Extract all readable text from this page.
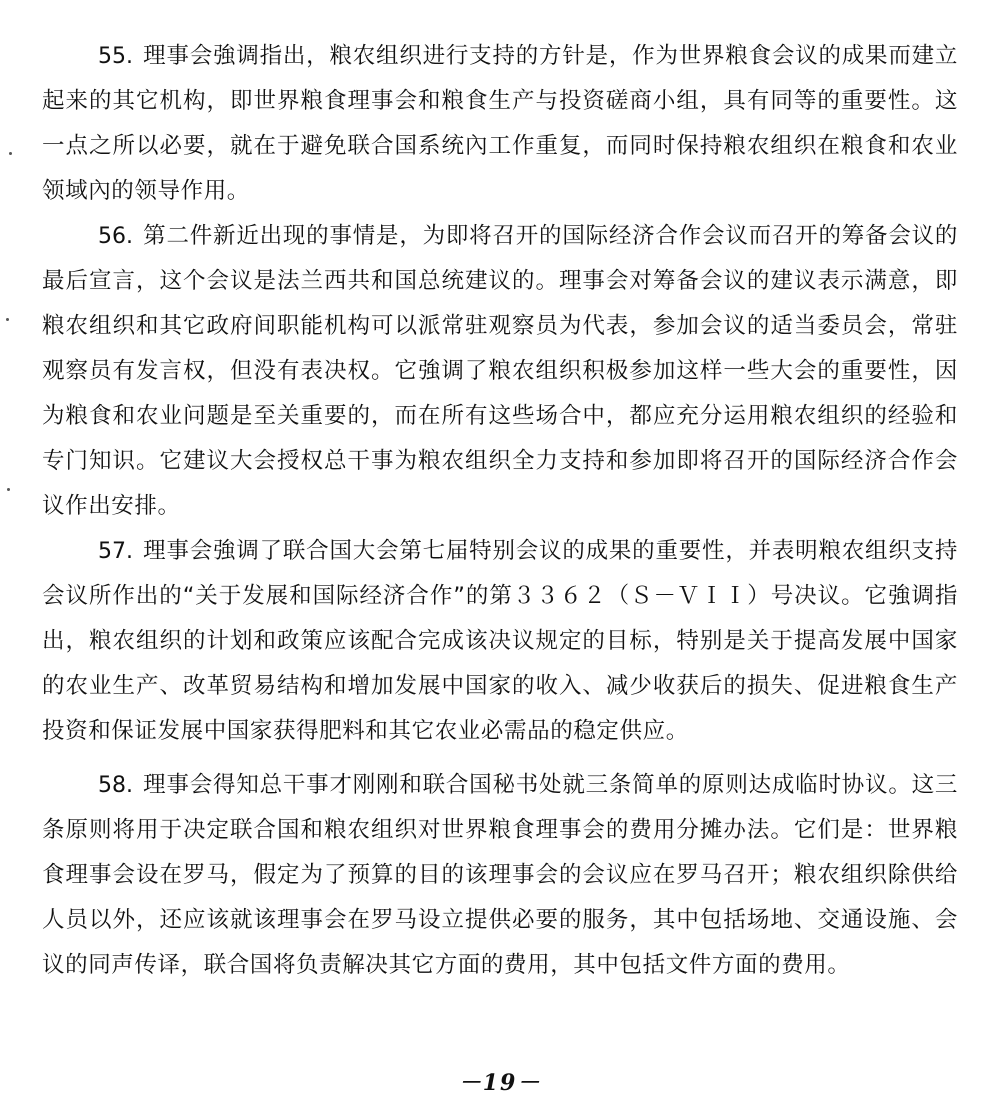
55. 理事会強调指出，粮农组织进行支持的方针是，作为世界粮食会议的成果而建立起来的其它机构，即世界粮食理事会和粮食生产与投资磋商小组，具有同等的重要性。这一点之所以必要，就在于避免联合国系统內工作重复，而同时保持粮农组织在粮食和农业领域內的领导作用。

56. 第二件新近出现的事情是，为即将召开的国际经济合作会议而召开的筹备会议的最后宣言，这个会议是法兰西共和国总统建议的。理事会对筹备会议的建议表示满意，即粮农组织和其它政府间职能机构可以派常驻观察员为代表，参加会议的适当委员会，常驻观察员有发言权，但没有表决权。它強调了粮农组织积极参加这样一些大会的重要性，因为粮食和农业问题是至关重要的，而在所有这些场合中，都应充分运用粮农组织的经验和专门知识。它建议大会授权总干事为粮农组织全力支持和参加即将召开的国际经济合作会议作出安排。

57. 理事会強调了联合国大会第七届特别会议的成果的重要性，并表明粮农组织支持会议所作出的“关于发展和国际经济合作”的第３３６２（Ｓ－ＶＩＩ）号决议。它強调指出，粮农组织的计划和政策应该配合完成该决议规定的目标，特别是关于提高发展中国家的农业生产、改革贸易结构和增加发展中国家的收入、减少收获后的损失、促进粮食生产投资和保证发展中国家获得肥料和其它农业必需品的稳定供应。

58. 理事会得知总干事才刚刚和联合国秘书处就三条简单的原则达成临时协议。这三条原则将用于决定联合国和粮农组织对世界粮食理事会的费用分摊办法。它们是：世界粮食理事会设在罗马，假定为了预算的目的该理事会的会议应在罗马召开；粮农组织除供给人员以外，还应该就该理事会在罗马设立提供必要的服务，其中包括场地、交通设施、会议的同声传译，联合国将负责解决其它方面的费用，其中包括文件方面的费用。

－19－
